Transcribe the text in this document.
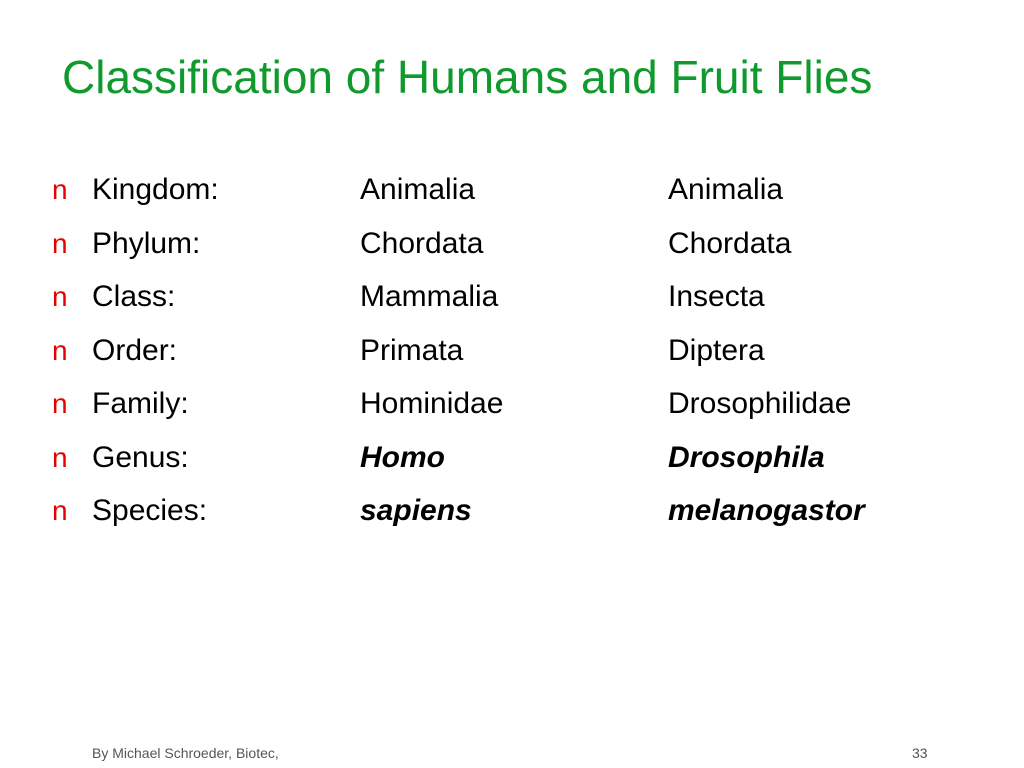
Classification of Humans and Fruit Flies
n Kingdom:	Animalia	Animalia
n Phylum:	Chordata	Chordata
n Class:	Mammalia	Insecta
n Order:	Primata	Diptera
n Family:	Hominidae	Drosophilidae
n Genus:	Homo	Drosophila
n Species:	sapiens	melanogastor
By Michael Schroeder, Biotec,	33
